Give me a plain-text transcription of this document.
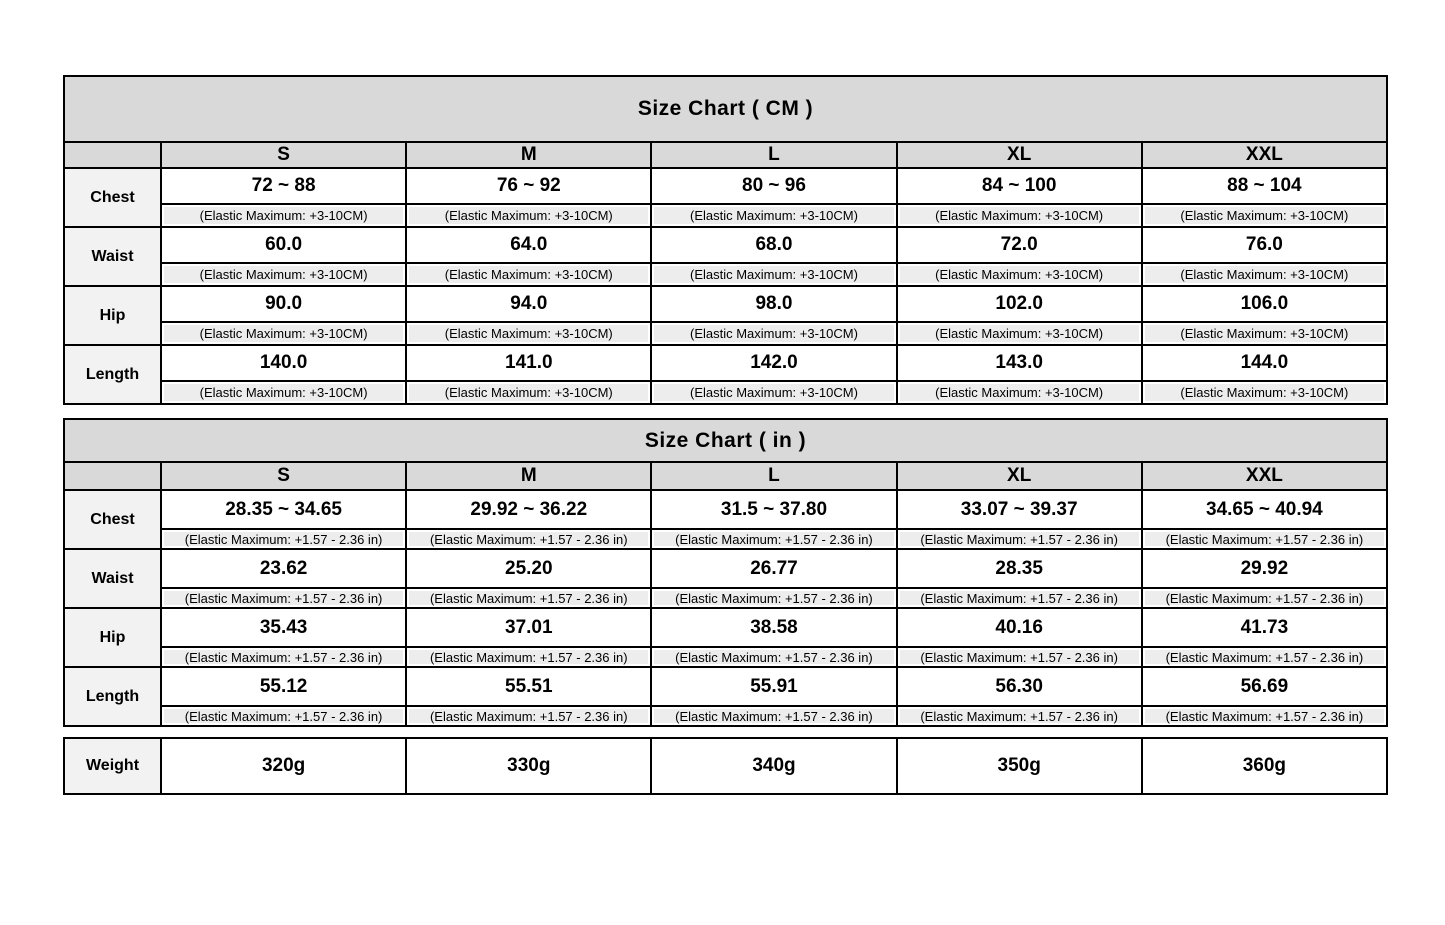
Size Chart ( CM )					
	S	M	L	XL	XXL
Chest	72 ~ 88	76 ~ 92	80 ~ 96	84 ~ 100	88 ~ 104
	(Elastic Maximum: +3-10CM)	(Elastic Maximum: +3-10CM)	(Elastic Maximum: +3-10CM)	(Elastic Maximum: +3-10CM)	(Elastic Maximum: +3-10CM)
Waist	60.0	64.0	68.0	72.0	76.0
	(Elastic Maximum: +3-10CM)	(Elastic Maximum: +3-10CM)	(Elastic Maximum: +3-10CM)	(Elastic Maximum: +3-10CM)	(Elastic Maximum: +3-10CM)
Hip	90.0	94.0	98.0	102.0	106.0
	(Elastic Maximum: +3-10CM)	(Elastic Maximum: +3-10CM)	(Elastic Maximum: +3-10CM)	(Elastic Maximum: +3-10CM)	(Elastic Maximum: +3-10CM)
Length	140.0	141.0	142.0	143.0	144.0
	(Elastic Maximum: +3-10CM)	(Elastic Maximum: +3-10CM)	(Elastic Maximum: +3-10CM)	(Elastic Maximum: +3-10CM)	(Elastic Maximum: +3-10CM)
Size Chart ( in )					
	S	M	L	XL	XXL
Chest	28.35 ~ 34.65	29.92 ~ 36.22	31.5 ~ 37.80	33.07 ~ 39.37	34.65 ~ 40.94
	(Elastic Maximum: +1.57 - 2.36 in)	(Elastic Maximum: +1.57 - 2.36 in)	(Elastic Maximum: +1.57 - 2.36 in)	(Elastic Maximum: +1.57 - 2.36 in)	(Elastic Maximum: +1.57 - 2.36 in)
Waist	23.62	25.20	26.77	28.35	29.92
	(Elastic Maximum: +1.57 - 2.36 in)	(Elastic Maximum: +1.57 - 2.36 in)	(Elastic Maximum: +1.57 - 2.36 in)	(Elastic Maximum: +1.57 - 2.36 in)	(Elastic Maximum: +1.57 - 2.36 in)
Hip	35.43	37.01	38.58	40.16	41.73
	(Elastic Maximum: +1.57 - 2.36 in)	(Elastic Maximum: +1.57 - 2.36 in)	(Elastic Maximum: +1.57 - 2.36 in)	(Elastic Maximum: +1.57 - 2.36 in)	(Elastic Maximum: +1.57 - 2.36 in)
Length	55.12	55.51	55.91	56.30	56.69
	(Elastic Maximum: +1.57 - 2.36 in)	(Elastic Maximum: +1.57 - 2.36 in)	(Elastic Maximum: +1.57 - 2.36 in)	(Elastic Maximum: +1.57 - 2.36 in)	(Elastic Maximum: +1.57 - 2.36 in)
Weight	320g	330g	340g	350g	360g
